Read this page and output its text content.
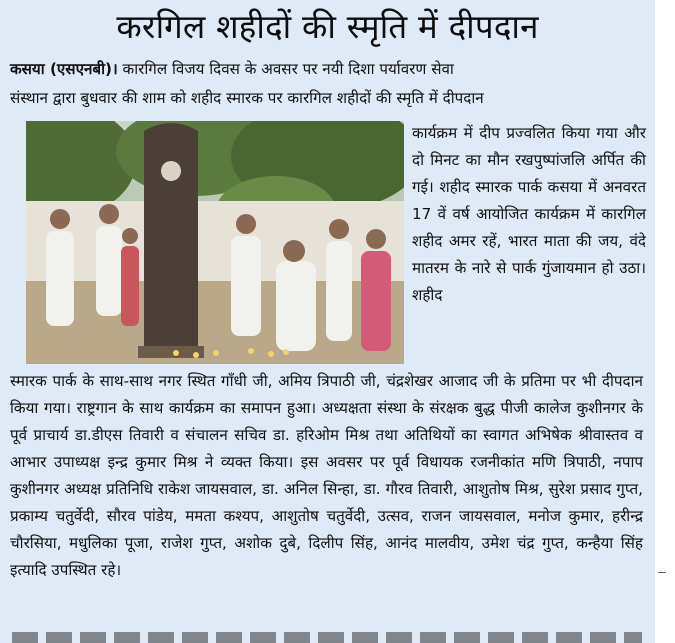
करगिल शहीदों की स्मृति में दीपदान
कसया (एसएनबी)। कारगिल विजय दिवस के अवसर पर नयी दिशा पर्यावरण सेवा
संस्थान द्वारा बुधवार की शाम को शहीद स्मारक पर कारगिल शहीदों की स्मृति में दीपदान
कार्यक्रम में दीप प्रज्वलित किया गया और दो मिनट का मौन रखपुष्पांजलि अर्पित की गई। शहीद स्मारक पार्क कसया में अनवरत 17 वें वर्ष आयोजित कार्यक्रम में कारगिल शहीद अमर रहें, भारत माता की जय, वंदे मातरम के नारे से पार्क गुंजायमान हो उठा। शहीद
स्मारक पार्क के साथ-साथ नगर स्थित गाँधी जी, अमिय त्रिपाठी जी, चंद्रशेखर आजाद जी के प्रतिमा पर भी दीपदान किया गया। राष्ट्रगान के साथ कार्यक्रम का समापन हुआ। अध्यक्षता संस्था के संरक्षक बुद्ध पीजी कालेज कुशीनगर के पूर्व प्राचार्य डा.डीएस तिवारी व संचालन सचिव डा. हरिओम मिश्र तथा अतिथियों का स्वागत अभिषेक श्रीवास्तव व आभार उपाध्यक्ष इन्द्र कुमार मिश्र ने व्यक्त किया। इस अवसर पर पूर्व विधायक रजनीकांत मणि त्रिपाठी, नपाप कुशीनगर अध्यक्ष प्रतिनिधि राकेश जायसवाल, डा. अनिल सिन्हा, डा. गौरव तिवारी, आशुतोष मिश्र, सुरेश प्रसाद गुप्त, प्रकाम्य चतुर्वेदी, सौरव पांडेय, ममता कश्यप, आशुतोष चतुर्वेदी, उत्सव, राजन जायसवाल, मनोज कुमार, हरीन्द्र चौरसिया, मधुलिका पूजा, राजेश गुप्त, अशोक दुबे, दिलीप सिंह, आनंद मालवीय, उमेश चंद्र गुप्त, कन्हैया सिंह इत्यादि उपस्थित रहे।
